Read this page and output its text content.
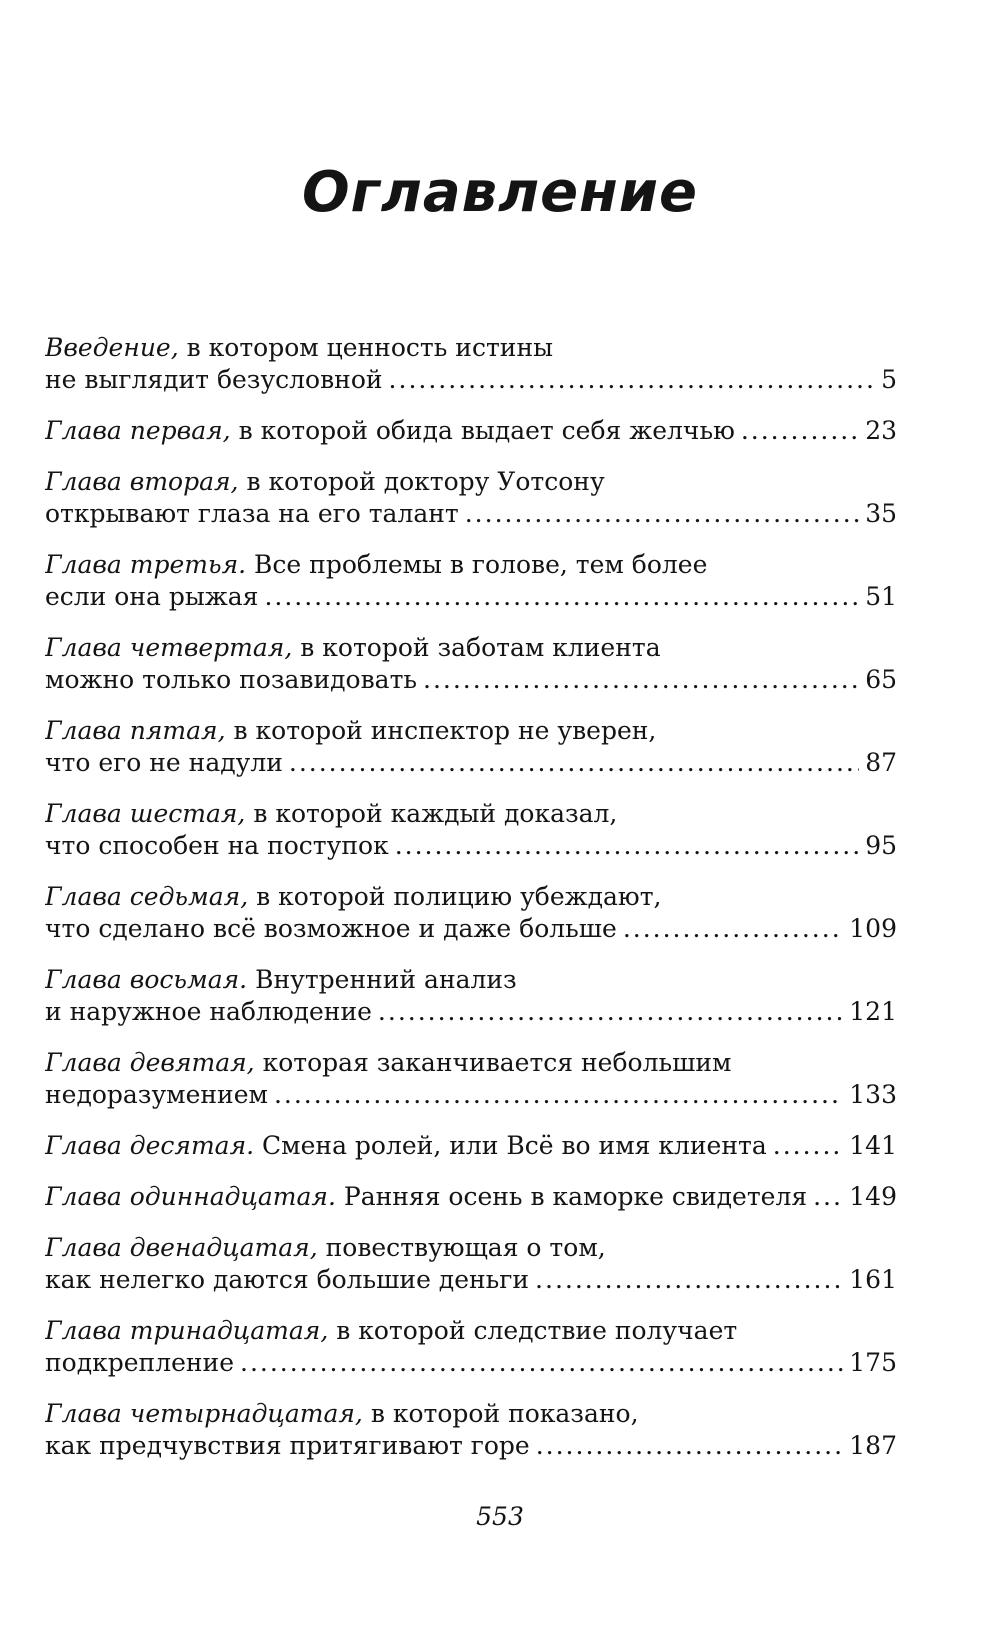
Оглавление
Введение, в котором ценность истины
не выглядит безусловной .....	5
Глава первая, в которой обида выдает себя желчью .....	23
Глава вторая, в которой доктору Уотсону
открывают глаза на его талант .....	35
Глава третья. Все проблемы в голове, тем более
если она рыжая .....	51
Глава четвертая, в которой заботам клиента
можно только позавидовать .....	65
Глава пятая, в которой инспектор не уверен,
что его не надули .....	87
Глава шестая, в которой каждый доказал,
что способен на поступок .....	95
Глава седьмая, в которой полицию убеждают,
что сделано всё возможное и даже больше .....	109
Глава восьмая. Внутренний анализ
и наружное наблюдение .....	121
Глава девятая, которая заканчивается небольшим
недоразумением .....	133
Глава десятая. Смена ролей, или Всё во имя клиента .....	141
Глава одиннадцатая. Ранняя осень в каморке свидетеля ..... 149
Глава двенадцатая, повествующая о том,
как нелегко даются большие деньги .....	161
Глава тринадцатая, в которой следствие получает
подкрепление .....	175
Глава четырнадцатая, в которой показано,
как предчувствия притягивают горе .....	187
553
